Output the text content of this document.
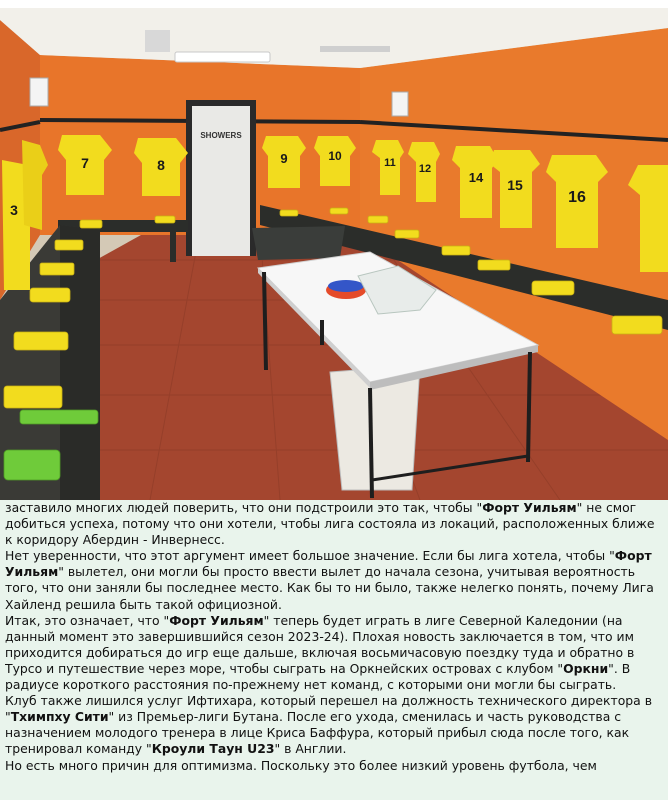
SHOWERS
7	8	9	10	11 12
14 15
16
3

заставило многих людей поверить, что они подстроили это так, чтобы "Форт Уильям" не смог добиться успеха, потому что они хотели, чтобы лига состояла из локаций, расположенных ближе к коридору Абердин - Инвернесс.

Нет уверенности, что этот аргумент имеет большое значение. Если бы лига хотела, чтобы "Форт Уильям" вылетел, они могли бы просто ввести вылет до начала сезона, учитывая вероятность того, что они заняли бы последнее место. Как бы то ни было, также нелегко понять, почему Лига Хайленд решила быть такой официозной.

Итак, это означает, что "Форт Уильям" теперь будет играть в лиге Северной Каледонии (на данный момент это завершившийся сезон 2023-24). Плохая новость заключается в том, что им приходится добираться до игр еще дальше, включая восьмичасовую поездку туда и обратно в Турсо и путешествие через море, чтобы сыграть на Оркнейских островах с клубом "Оркни". В радиусе короткого расстояния по-прежнему нет команд, с которыми они могли бы сыграть.

Клуб также лишился услуг Ифтихара, который перешел на должность технического директора в "Тхимпху Сити" из Премьер-лиги Бутана. После его ухода, сменилась и часть руководства с назначением молодого тренера в лице Криса Баффура, который прибыл сюда после того, как тренировал команду "Кроули Таун U23" в Англии.

Но есть много причин для оптимизма. Поскольку это более низкий уровень футбола, чем
